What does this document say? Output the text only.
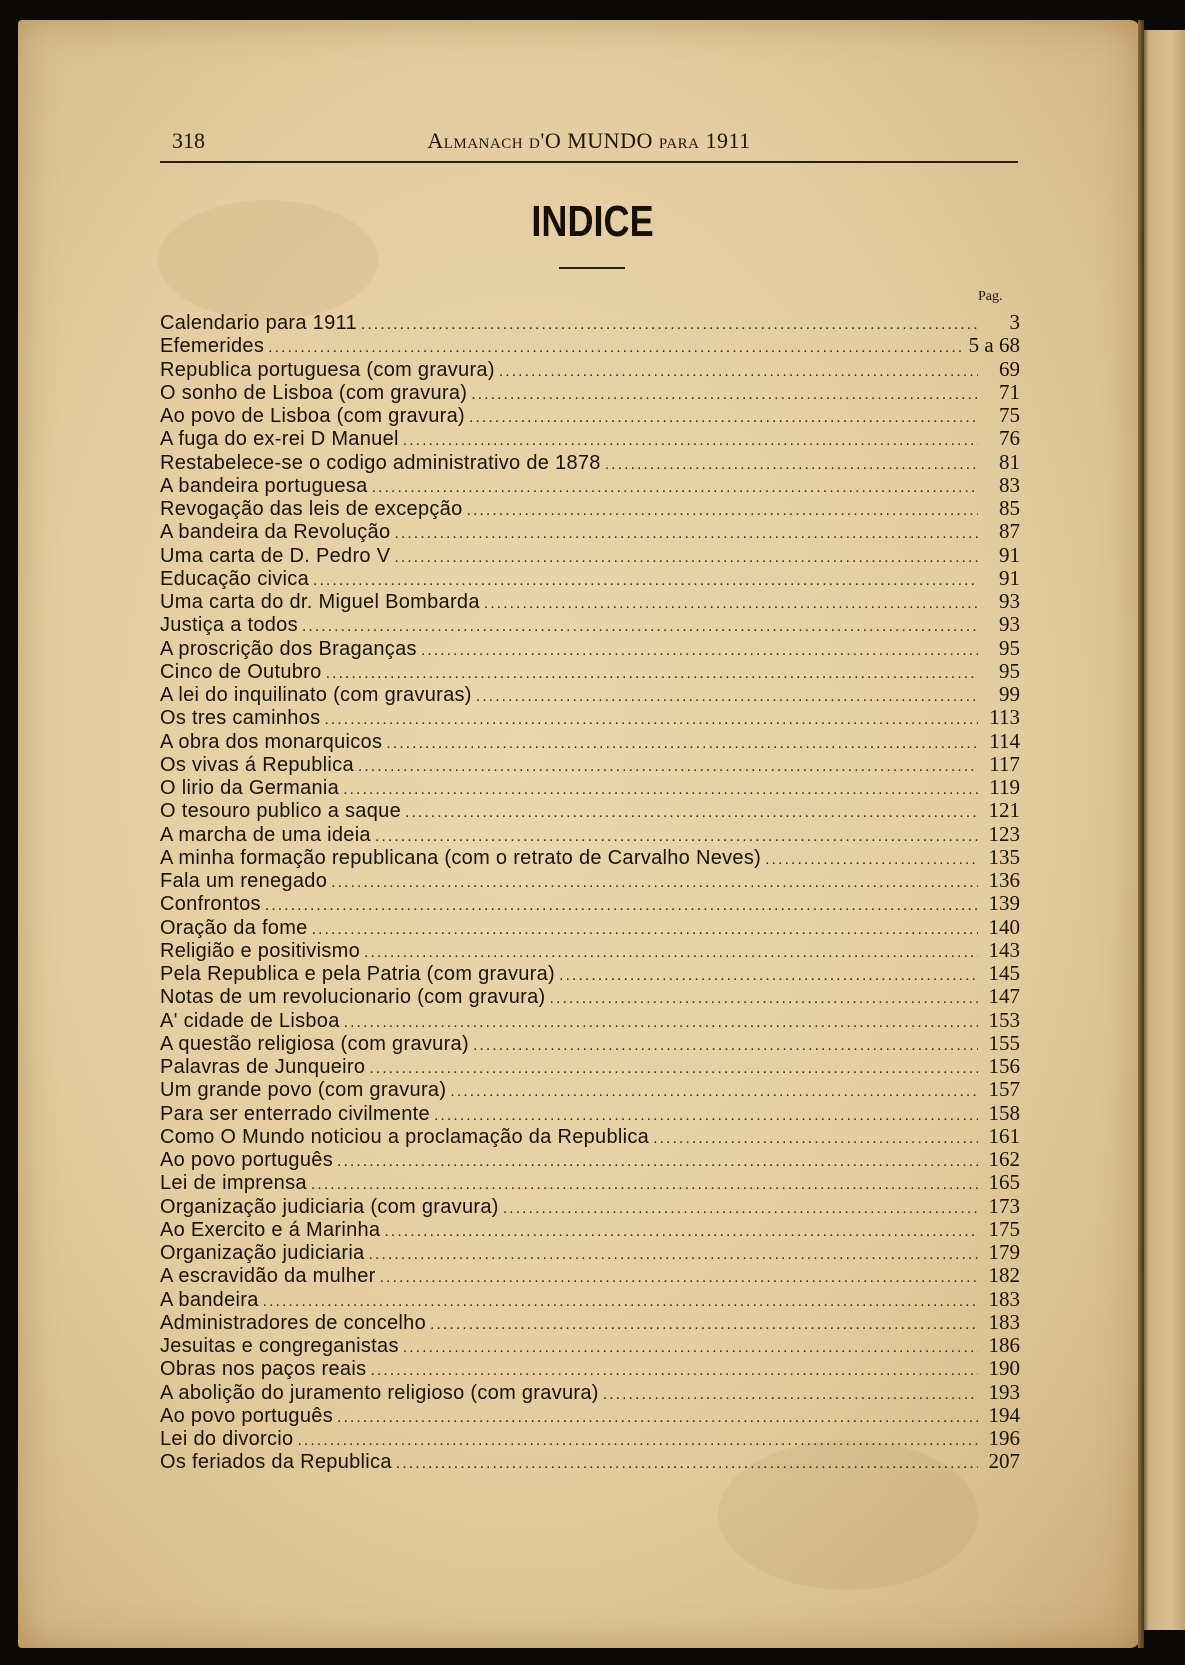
318	Almanach d'O MUNDO para 1911
INDICE
Pag.
Calendario para 1911 .....	3
Efemerides .....	5 a 68
Republica portuguesa (com gravura) .....	69
O sonho de Lisboa (com gravura) .....	71
Ao povo de Lisboa (com gravura) .....	75
A fuga do ex-rei D Manuel .....	76
Restabelece-se o codigo administrativo de 1878 .....	81
A bandeira portuguesa .....	83
Revogação das leis de excepção .....	85
A bandeira da Revolução .....	87
Uma carta de D. Pedro V .....	91
Educação civica .....	91
Uma carta do dr. Miguel Bombarda .....	93
Justiça a todos .....	93
A proscrição dos Braganças .....	95
Cinco de Outubro .....	95
A lei do inquilinato (com gravuras) .....	99
Os tres caminhos .....	113
A obra dos monarquicos .....	114
Os vivas á Republica .....	117
O lirio da Germania .....	119
O tesouro publico a saque .....	121
A marcha de uma ideia .....	123
A minha formação republicana (com o retrato de Carvalho Neves) .....	135
Fala um renegado .....	136
Confrontos .....	139
Oração da fome .....	140
Religião e positivismo .....	143
Pela Republica e pela Patria (com gravura) .....	145
Notas de um revolucionario (com gravura) .....	147
A' cidade de Lisboa .....	153
A questão religiosa (com gravura) .....	155
Palavras de Junqueiro .....	156
Um grande povo (com gravura) .....	157
Para ser enterrado civilmente .....	158
Como O Mundo noticiou a proclamação da Republica .....	161
Ao povo português .....	162
Lei de imprensa .....	165
Organização judiciaria (com gravura) .....	173
Ao Exercito e á Marinha .....	175
Organização judiciaria .....	179
A escravidão da mulher .....	182
A bandeira .....	183
Administradores de concelho .....	183
Jesuitas e congreganistas .....	186
Obras nos paços reais .....	190
A abolição do juramento religioso (com gravura) .....	193
Ao povo português .....	194
Lei do divorcio .....	196
Os feriados da Republica .....	207
